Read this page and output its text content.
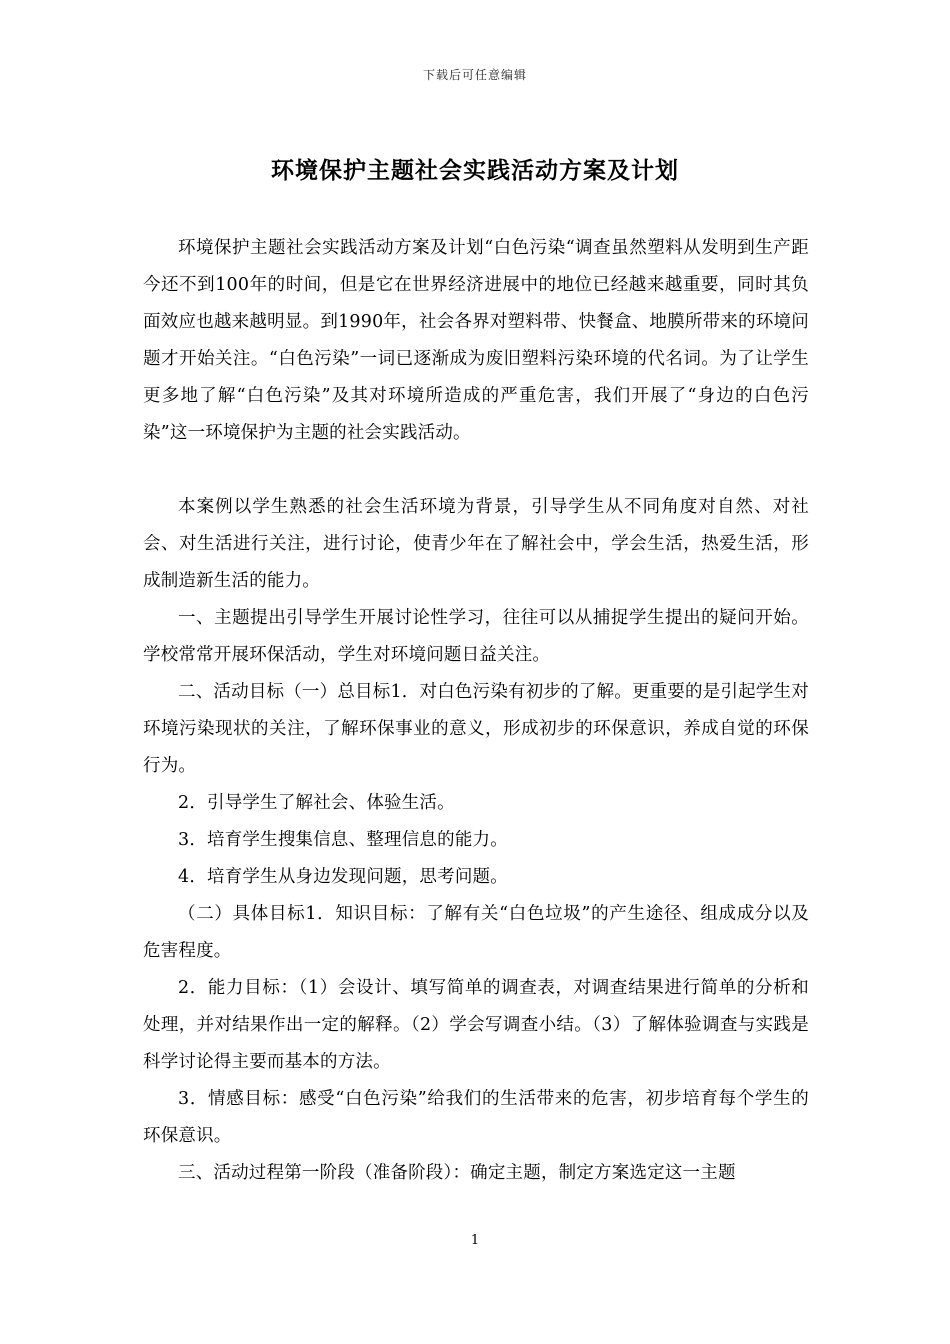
下载后可任意编辑
环境保护主题社会实践活动方案及计划

环境保护主题社会实践活动方案及计划“白色污染“调查虽然塑料从发明到生产距今还不到100年的时间，但是它在世界经济进展中的地位已经越来越重要，同时其负面效应也越来越明显。到1990年，社会各界对塑料带、快餐盒、地膜所带来的环境问题才开始关注。“白色污染”一词已逐渐成为废旧塑料污染环境的代名词。为了让学生更多地了解“白色污染”及其对环境所造成的严重危害，我们开展了“身边的白色污染”这一环境保护为主题的社会实践活动。

本案例以学生熟悉的社会生活环境为背景，引导学生从不同角度对自然、对社会、对生活进行关注，进行讨论，使青少年在了解社会中，学会生活，热爱生活，形成制造新生活的能力。

一、主题提出引导学生开展讨论性学习，往往可以从捕捉学生提出的疑问开始。学校常常开展环保活动，学生对环境问题日益关注。

二、活动目标（一）总目标1．对白色污染有初步的了解。更重要的是引起学生对环境污染现状的关注，了解环保事业的意义，形成初步的环保意识，养成自觉的环保行为。

2．引导学生了解社会、体验生活。

3．培育学生搜集信息、整理信息的能力。

4．培育学生从身边发现问题，思考问题。

（二）具体目标1．知识目标：了解有关“白色垃圾”的产生途径、组成成分以及危害程度。

2．能力目标：（1）会设计、填写简单的调查表，对调查结果进行简单的分析和处理，并对结果作出一定的解释。（2）学会写调查小结。（3）了解体验调查与实践是科学讨论得主要而基本的方法。

3．情感目标：感受“白色污染”给我们的生活带来的危害，初步培育每个学生的环保意识。

三、活动过程第一阶段（准备阶段）：确定主题，制定方案选定这一主题

1
